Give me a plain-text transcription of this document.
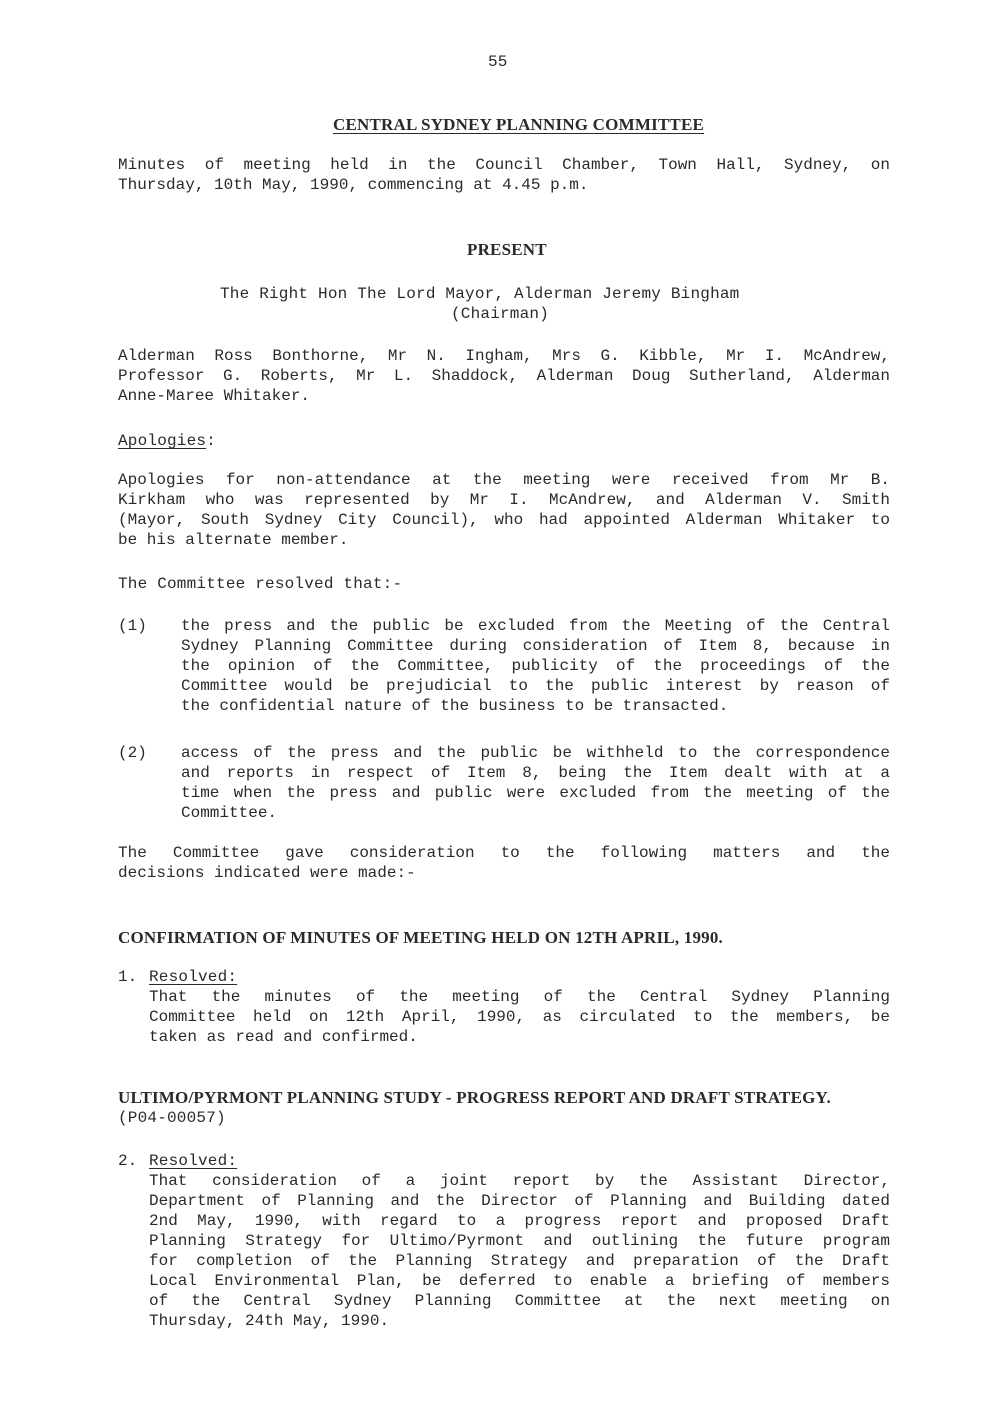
55
CENTRAL SYDNEY PLANNING COMMITTEE

Minutes of meeting held in the Council Chamber, Town Hall, Sydney, on

Thursday, 10th May, 1990, commencing at 4.45 p.m.

PRESENT
The Right Hon The Lord Mayor, Alderman Jeremy Bingham
(Chairman)

Alderman Ross Bonthorne, Mr N. Ingham, Mrs G. Kibble, Mr I. McAndrew,

Professor G. Roberts, Mr L. Shaddock, Alderman Doug Sutherland, Alderman

Anne-Maree Whitaker.

Apologies:

Apologies for non-attendance at the meeting were received from Mr B.

Kirkham who was represented by Mr I. McAndrew, and Alderman V. Smith

(Mayor, South Sydney City Council), who had appointed Alderman Whitaker to

be his alternate member.

The Committee resolved that:-
(1) the press and the public be excluded from the Meeting of the Central

Sydney Planning Committee during consideration of Item 8, because in

the opinion of the Committee, publicity of the proceedings of the

Committee would be prejudicial to the public interest by reason of

the confidential nature of the business to be transacted.

(2) access of the press and the public be withheld to the correspondence

and reports in respect of Item 8, being the Item dealt with at a

time when the press and public were excluded from the meeting of the

Committee.

The Committee gave consideration to the following matters and the

decisions indicated were made:-

CONFIRMATION OF MINUTES OF MEETING HELD ON 12TH APRIL, 1990.
1. Resolved:

That the minutes of the meeting of the Central Sydney Planning

Committee held on 12th April, 1990, as circulated to the members, be

taken as read and confirmed.

ULTIMO/PYRMONT PLANNING STUDY - PROGRESS REPORT AND DRAFT STRATEGY.
(P04-00057)
2. Resolved:

That consideration of a joint report by the Assistant Director,

Department of Planning and the Director of Planning and Building dated

2nd May, 1990, with regard to a progress report and proposed Draft

Planning Strategy for Ultimo/Pyrmont and outlining the future program

for completion of the Planning Strategy and preparation of the Draft

Local Environmental Plan, be deferred to enable a briefing of members

of the Central Sydney Planning Committee at the next meeting on

Thursday, 24th May, 1990.
